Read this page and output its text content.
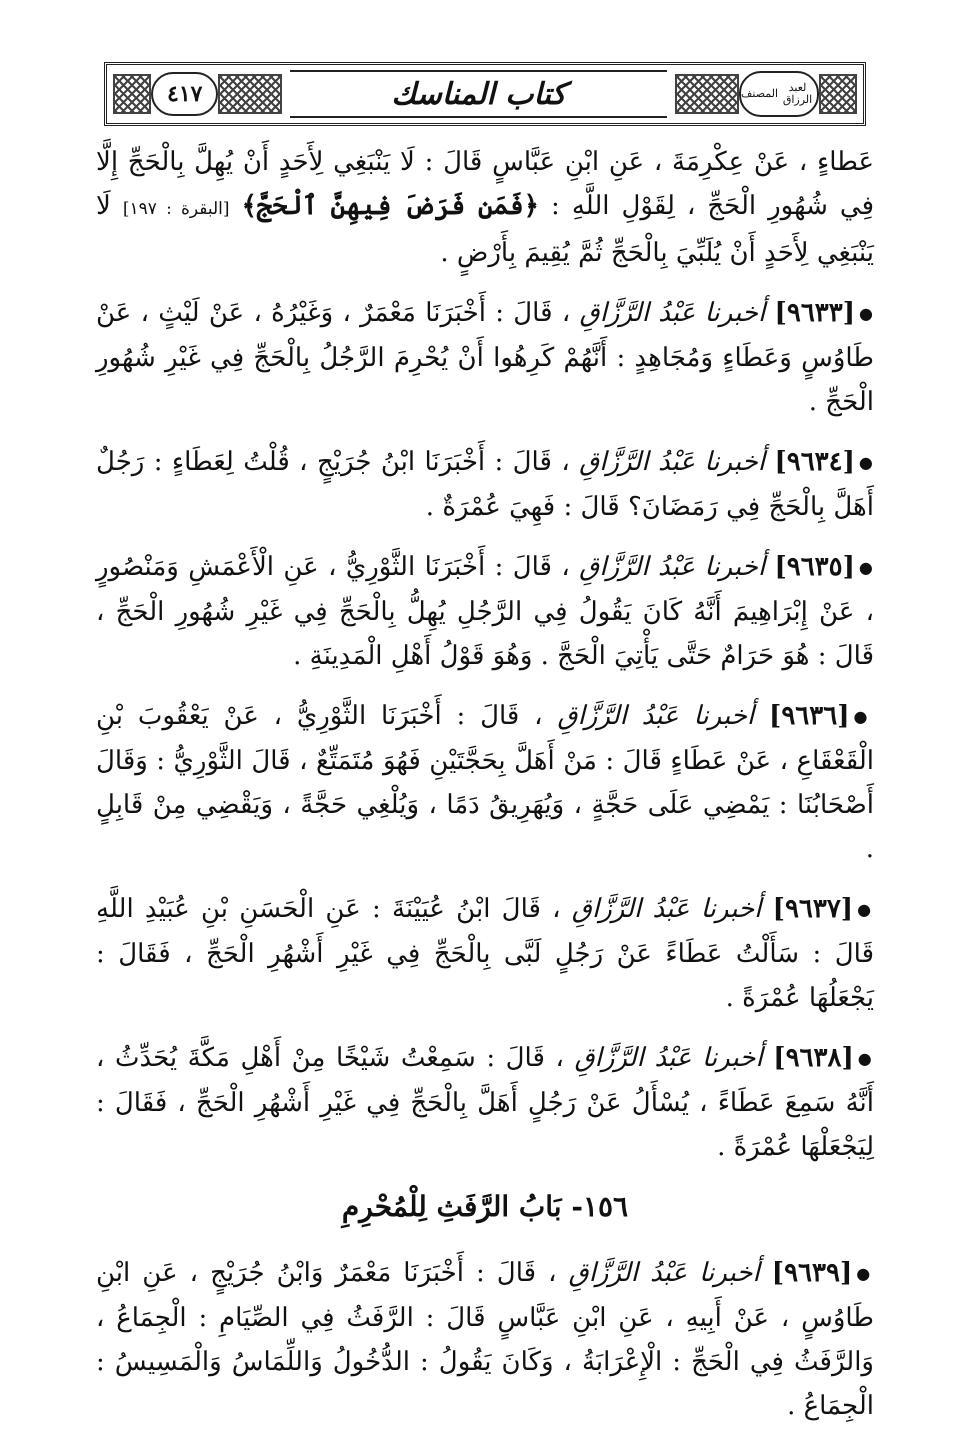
٤١٧	كتاب المناسك	المصنف لعبد الرزاق

عَطاءٍ ، عَنْ عِكْرِمَةَ ، عَنِ ابْنِ عَبَّاسٍ قَالَ : لَا يَنْبَغِي لِأَحَدٍ أَنْ يُهِلَّ بِالْحَجِّ إِلَّا فِي شُهُورِ الْحَجِّ ، لِقَوْلِ اللَّهِ : ﴿فَمَن فَرَضَ فِيهِنَّ ٱلْحَجَّ﴾ [البقرة : ١٩٧] لَا يَنْبَغِي لِأَحَدٍ أَنْ يُلَبِّيَ بِالْحَجِّ ثُمَّ يُقِيمَ بِأَرْضٍ .

●[٩٦٣٣] أخبرنا عَبْدُ الرَّزَّاقِ ، قَالَ : أَخْبَرَنَا مَعْمَرٌ ، وَغَيْرُهُ ، عَنْ لَيْثٍ ، عَنْ طَاوُسٍ وَعَطَاءٍ وَمُجَاهِدٍ : أَنَّهُمْ كَرِهُوا أَنْ يُحْرِمَ الرَّجُلُ بِالْحَجِّ فِي غَيْرِ شُهُورِ الْحَجِّ .

●[٩٦٣٤] أخبرنا عَبْدُ الرَّزَّاقِ ، قَالَ : أَخْبَرَنَا ابْنُ جُرَيْجٍ ، قُلْتُ لِعَطَاءٍ : رَجُلٌ أَهَلَّ بِالْحَجِّ فِي رَمَضَانَ؟ قَالَ : فَهِيَ عُمْرَةٌ .

●[٩٦٣٥] أخبرنا عَبْدُ الرَّزَّاقِ ، قَالَ : أَخْبَرَنَا الثَّوْرِيُّ ، عَنِ الْأَعْمَشِ وَمَنْصُورٍ ، عَنْ إِبْرَاهِيمَ أَنَّهُ كَانَ يَقُولُ فِي الرَّجُلِ يُهِلُّ بِالْحَجِّ فِي غَيْرِ شُهُورِ الْحَجِّ ، قَالَ : هُوَ حَرَامٌ حَتَّى يَأْتِيَ الْحَجَّ . وَهُوَ قَوْلُ أَهْلِ الْمَدِينَةِ .

●[٩٦٣٦] أخبرنا عَبْدُ الرَّزَّاقِ ، قَالَ : أَخْبَرَنَا الثَّوْرِيُّ ، عَنْ يَعْقُوبَ بْنِ الْقَعْقَاعِ ، عَنْ عَطَاءٍ قَالَ : مَنْ أَهَلَّ بِحَجَّتَيْنِ فَهُوَ مُتَمَتِّعٌ ، قَالَ الثَّوْرِيُّ : وَقَالَ أَصْحَابُنَا : يَمْضِي عَلَى حَجَّةٍ ، وَيُهَرِيقُ دَمًا ، وَيُلْغِي حَجَّةً ، وَيَقْضِي مِنْ قَابِلٍ .

●[٩٦٣٧] أخبرنا عَبْدُ الرَّزَّاقِ ، قَالَ ابْنُ عُيَيْنَةَ : عَنِ الْحَسَنِ بْنِ عُبَيْدِ اللَّهِ قَالَ : سَأَلْتُ عَطَاءً عَنْ رَجُلٍ لَبَّى بِالْحَجِّ فِي غَيْرِ أَشْهُرِ الْحَجِّ ، فَقَالَ : يَجْعَلُهَا عُمْرَةً .

●[٩٦٣٨] أخبرنا عَبْدُ الرَّزَّاقِ ، قَالَ : سَمِعْتُ شَيْخًا مِنْ أَهْلِ مَكَّةَ يُحَدِّثُ ، أَنَّهُ سَمِعَ عَطَاءً ، يُسْأَلُ عَنْ رَجُلٍ أَهَلَّ بِالْحَجِّ فِي غَيْرِ أَشْهُرِ الْحَجِّ ، فَقَالَ : لِيَجْعَلْهَا عُمْرَةً .

١٥٦- بَابُ الرَّفَثِ لِلْمُحْرِمِ

●[٩٦٣٩] أخبرنا عَبْدُ الرَّزَّاقِ ، قَالَ : أَخْبَرَنَا مَعْمَرٌ وَابْنُ جُرَيْجٍ ، عَنِ ابْنِ طَاوُسٍ ، عَنْ أَبِيهِ ، عَنِ ابْنِ عَبَّاسٍ قَالَ : الرَّفَثُ فِي الصِّيَامِ : الْجِمَاعُ ، وَالرَّفَثُ فِي الْحَجِّ : الْإِعْرَابَةُ ، وَكَانَ يَقُولُ : الدُّخُولُ وَاللِّمَاسُ وَالْمَسِيسُ : الْجِمَاعُ .
